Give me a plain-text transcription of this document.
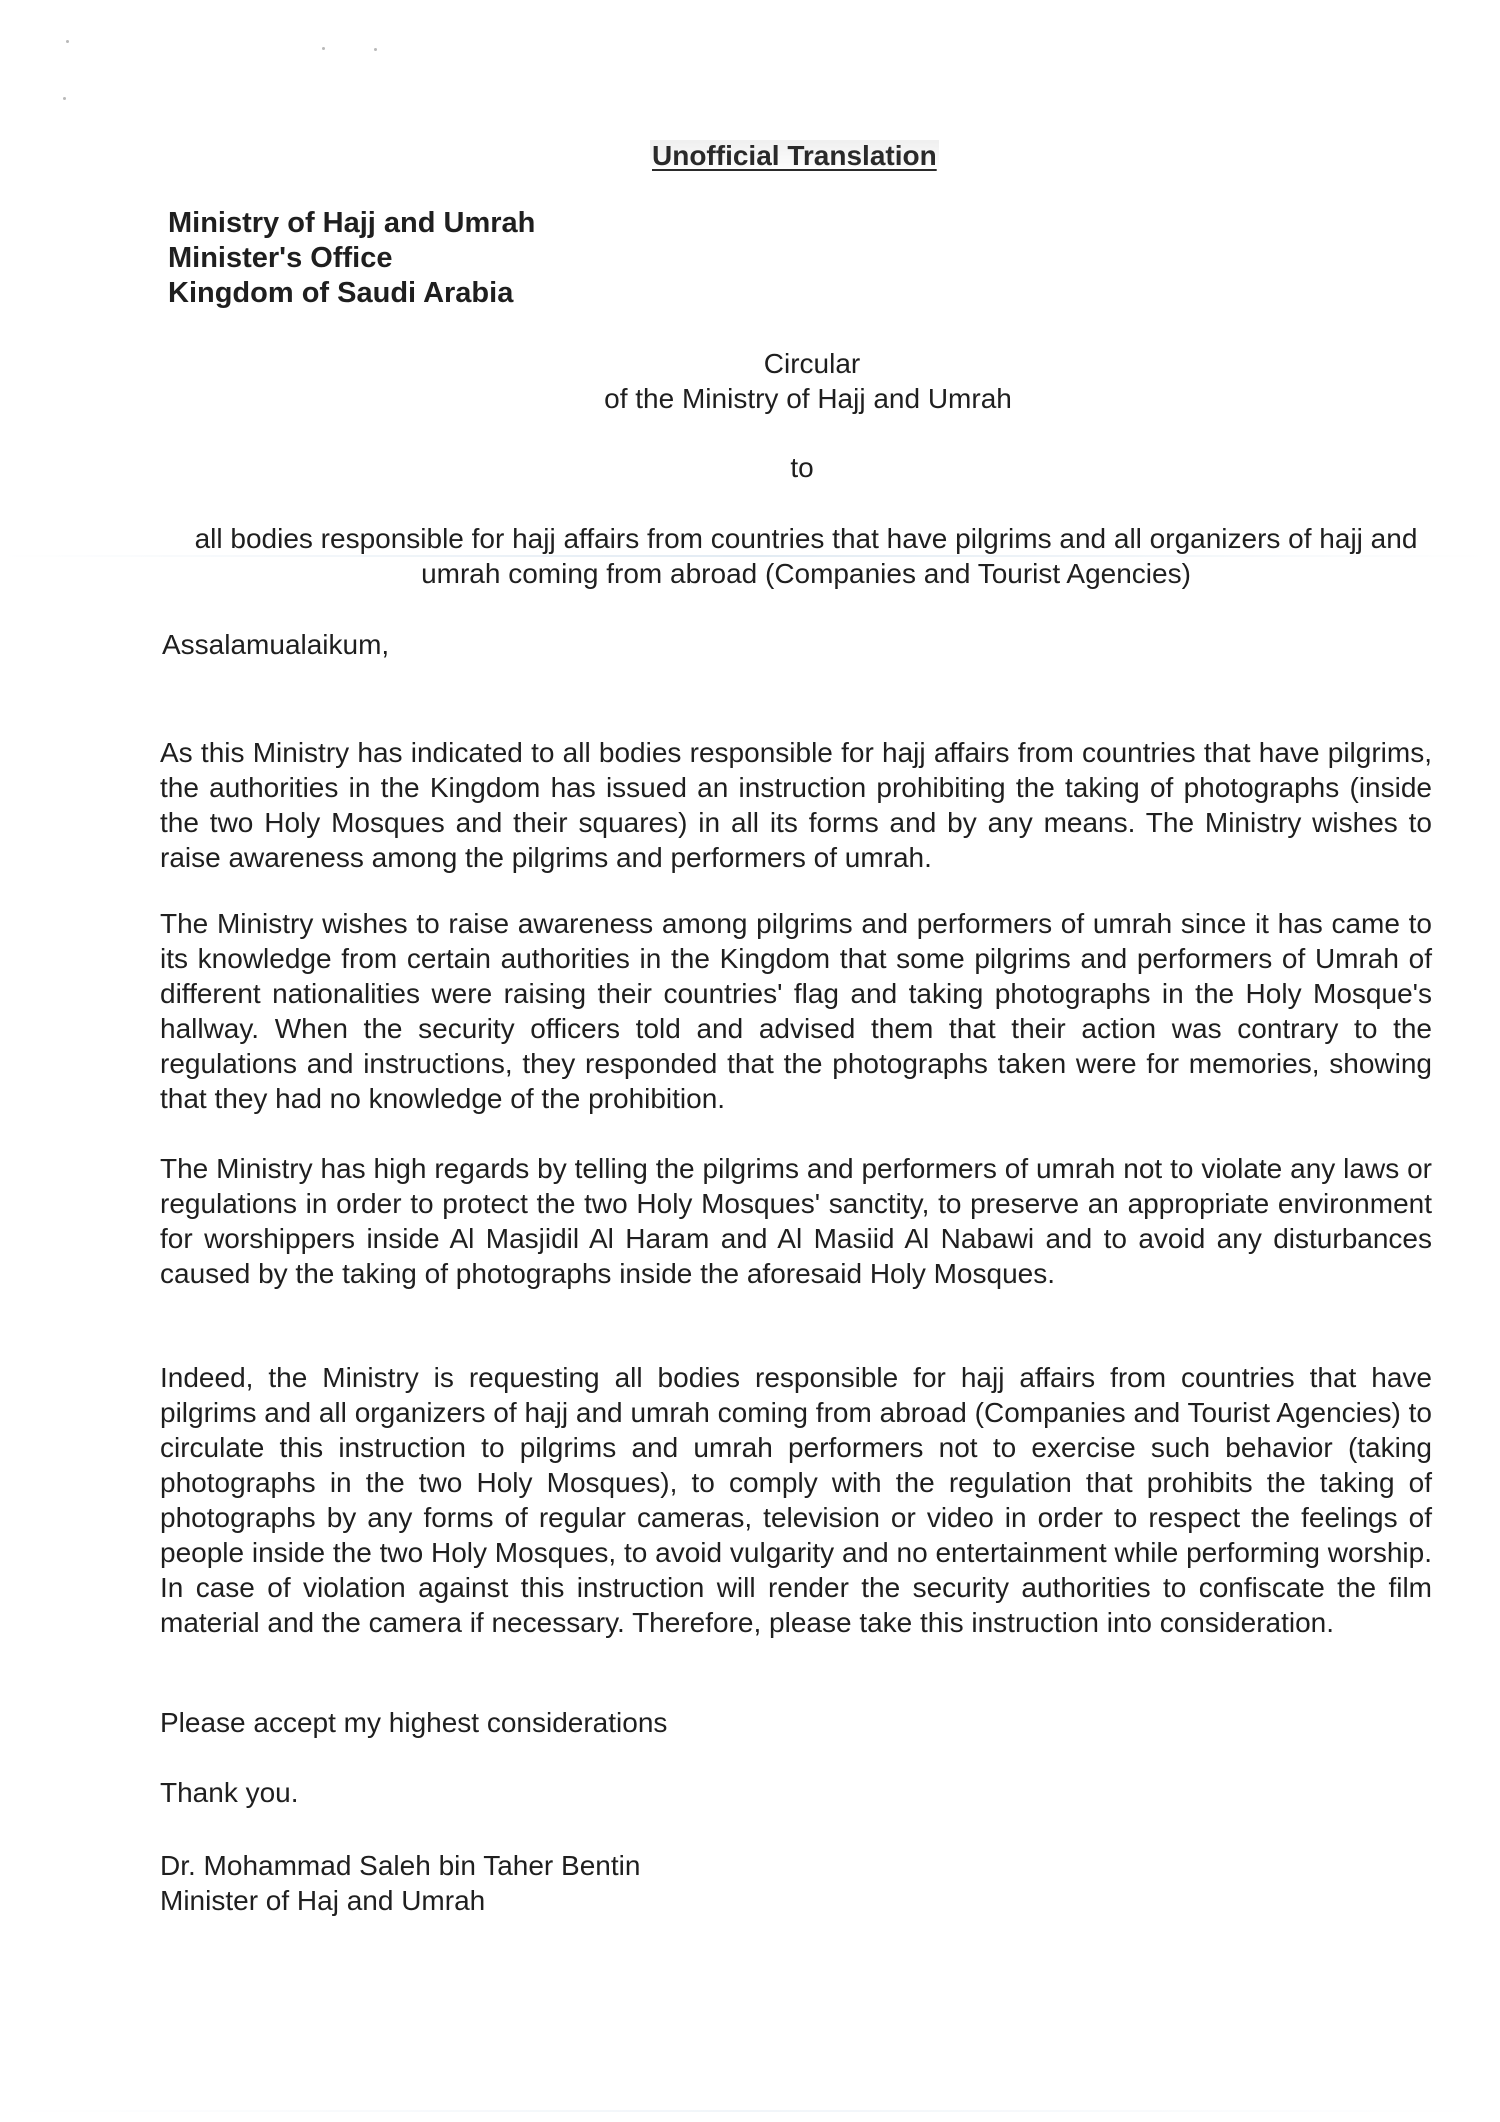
Unofficial Translation
Ministry of Hajj and Umrah
Minister's Office
Kingdom of Saudi Arabia
Circular
of the Ministry of Hajj and Umrah
to
all bodies responsible for hajj affairs from countries that have pilgrims and all organizers of hajj and umrah coming from abroad (Companies and Tourist Agencies)
Assalamualaikum,
As this Ministry has indicated to all bodies responsible for hajj affairs from countries that have pilgrims, the authorities in the Kingdom has issued an instruction prohibiting the taking of photographs (inside the two Holy Mosques and their squares) in all its forms and by any means. The Ministry wishes to raise awareness among the pilgrims and performers of umrah.
The Ministry wishes to raise awareness among pilgrims and performers of umrah since it has came to its knowledge from certain authorities in the Kingdom that some pilgrims and performers of Umrah of different nationalities were raising their countries' flag and taking photographs in the Holy Mosque's hallway. When the security officers told and advised them that their action was contrary to the regulations and instructions, they responded that the photographs taken were for memories, showing that they had no knowledge of the prohibition.
The Ministry has high regards by telling the pilgrims and performers of umrah not to violate any laws or regulations in order to protect the two Holy Mosques' sanctity, to preserve an appropriate environment for worshippers inside Al Masjidil Al Haram and Al Masiid Al Nabawi and to avoid any disturbances caused by the taking of photographs inside the aforesaid Holy Mosques.
Indeed, the Ministry is requesting all bodies responsible for hajj affairs from countries that have pilgrims and all organizers of hajj and umrah coming from abroad (Companies and Tourist Agencies) to circulate this instruction to pilgrims and umrah performers not to exercise such behavior (taking photographs in the two Holy Mosques), to comply with the regulation that prohibits the taking of photographs by any forms of regular cameras, television or video in order to respect the feelings of people inside the two Holy Mosques, to avoid vulgarity and no entertainment while performing worship. In case of violation against this instruction will render the security authorities to confiscate the film material and the camera if necessary. Therefore, please take this instruction into consideration.
Please accept my highest considerations
Thank you.
Dr. Mohammad Saleh bin Taher Bentin
Minister of Haj and Umrah
